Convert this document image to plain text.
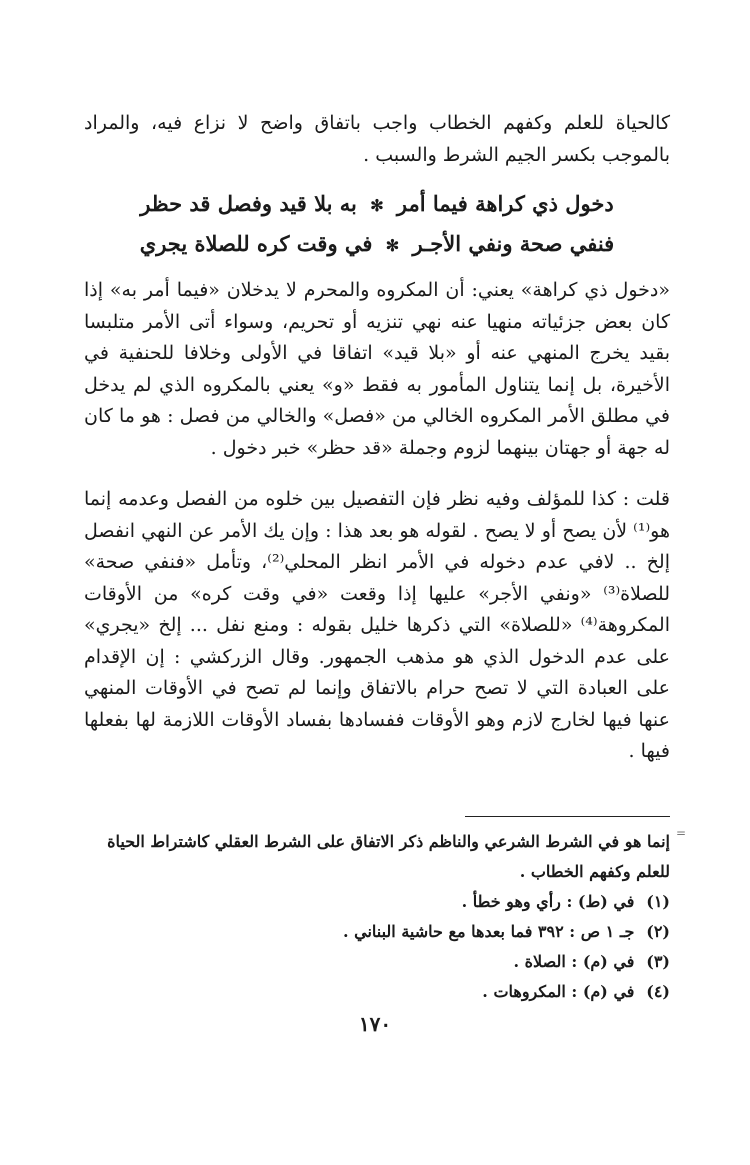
كالحياة للعلم وكفهم الخطاب واجب باتفاق واضح لا نزاع فيه، والمراد بالموجب بكسر الجيم الشرط والسبب .

دخول ذي كراهة فيما أمر ✻ به بلا قيد وفصل قد حظر
فنفي صحة ونفي الأجـر ✻ في وقت كره للصلاة يجري

«دخول ذي كراهة» يعني: أن المكروه والمحرم لا يدخلان «فيما أمر به» إذا كان بعض جزئياته منهيا عنه نهي تنزيه أو تحريم، وسواء أتى الأمر متلبسا بقيد يخرج المنهي عنه أو «بلا قيد» اتفاقا في الأولى وخلافا للحنفية في الأخيرة، بل إنما يتناول المأمور به فقط «و» يعني بالمكروه الذي لم يدخل في مطلق الأمر المكروه الخالي من «فصل» والخالي من فصل : هو ما كان له جهة أو جهتان بينهما لزوم وجملة «قد حظر» خبر دخول .

قلت : كذا للمؤلف وفيه نظر فإن التفصيل بين خلوه من الفصل وعدمه إنما هو⁽¹⁾ لأن يصح أو لا يصح . لقوله هو بعد هذا : وإن يك الأمر عن النهي انفصل إلخ .. لافي عدم دخوله في الأمر انظر المحلي⁽²⁾، وتأمل «فنفي صحة» للصلاة⁽³⁾ «ونفي الأجر» عليها إذا وقعت «في وقت كره» من الأوقات المكروهة⁽⁴⁾ «للصلاة» التي ذكرها خليل بقوله : ومنع نفل ... إلخ «يجري» على عدم الدخول الذي هو مذهب الجمهور. وقال الزركشي : إن الإقدام على العبادة التي لا تصح حرام بالاتفاق وإنما لم تصح في الأوقات المنهي عنها فيها لخارج لازم وهو الأوقات ففسادها بفساد الأوقات اللازمة لها بفعلها فيها .

=

إنما هو في الشرط الشرعي والناظم ذكر الاتفاق على الشرط العقلي كاشتراط الحياة للعلم وكفهم الخطاب .

(١) في (ط) : رأي وهو خطأ .
(٢) جـ ١ ص : ٣٩٢ فما بعدها مع حاشية البناني .
(٣) في (م) : الصلاة .
(٤) في (م) : المكروهات .
١٧٠
